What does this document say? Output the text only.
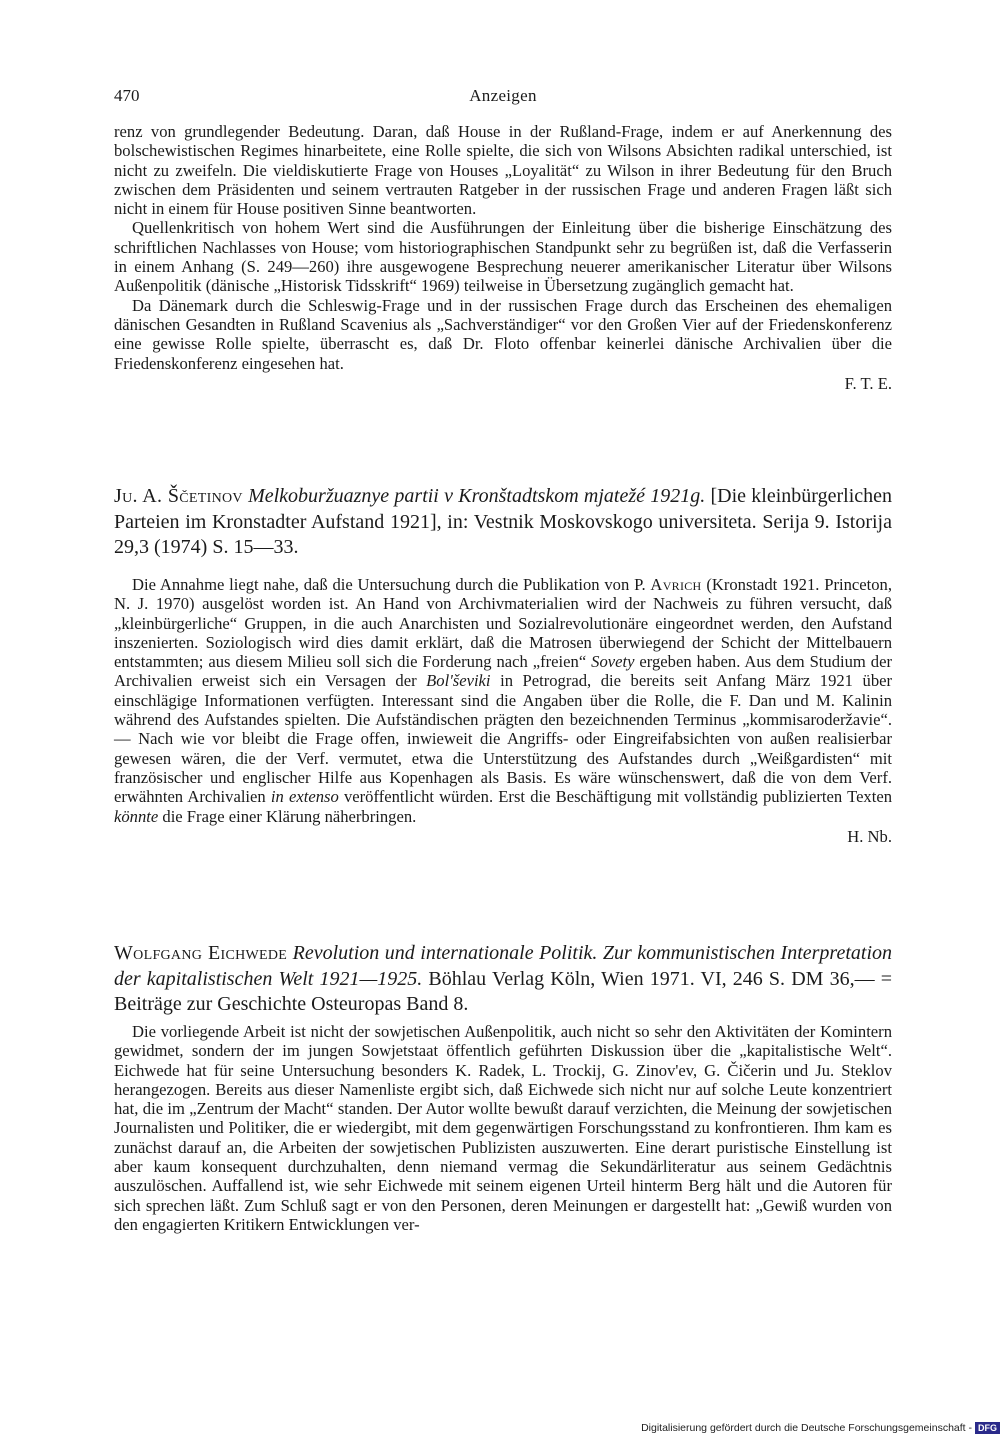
470	Anzeigen

renz von grundlegender Bedeutung. Daran, daß House in der Rußland-Frage, indem er auf Anerkennung des bolschewistischen Regimes hinarbeitete, eine Rolle spielte, die sich von Wilsons Absichten radikal unterschied, ist nicht zu zweifeln. Die vieldiskutierte Frage von Houses „Loyalität“ zu Wilson in ihrer Bedeutung für den Bruch zwischen dem Präsidenten und seinem vertrauten Ratgeber in der russischen Frage und anderen Fragen läßt sich nicht in einem für House positiven Sinne beantworten.

Quellenkritisch von hohem Wert sind die Ausführungen der Einleitung über die bisherige Einschätzung des schriftlichen Nachlasses von House; vom historiographischen Standpunkt sehr zu begrüßen ist, daß die Verfasserin in einem Anhang (S. 249—260) ihre ausgewogene Besprechung neuerer amerikanischer Literatur über Wilsons Außenpolitik (dänische „Historisk Tidsskrift“ 1969) teilweise in Übersetzung zugänglich gemacht hat.

Da Dänemark durch die Schleswig-Frage und in der russischen Frage durch das Erscheinen des ehemaligen dänischen Gesandten in Rußland Scavenius als „Sachverständiger“ vor den Großen Vier auf der Friedenskonferenz eine gewisse Rolle spielte, überrascht es, daß Dr. Floto offenbar keinerlei dänische Archivalien über die Friedenskonferenz eingesehen hat.

F. T. E.
Ju. A. Ščetinov Melkoburžuaznye partii v Kronštadtskom mjatežé 1921g. [Die kleinbürgerlichen Parteien im Kronstadter Aufstand 1921], in: Vestnik Moskovskogo universiteta. Serija 9. Istorija 29,3 (1974) S. 15—33.

Die Annahme liegt nahe, daß die Untersuchung durch die Publikation von P. Avrich (Kronstadt 1921. Princeton, N. J. 1970) ausgelöst worden ist. An Hand von Archivmaterialien wird der Nachweis zu führen versucht, daß „kleinbürgerliche“ Gruppen, in die auch Anarchisten und Sozialrevolutionäre eingeordnet werden, den Aufstand inszenierten. Soziologisch wird dies damit erklärt, daß die Matrosen überwiegend der Schicht der Mittelbauern entstammten; aus diesem Milieu soll sich die Forderung nach „freien“ Sovety ergeben haben. Aus dem Studium der Archivalien erweist sich ein Versagen der Bol'ševiki in Petrograd, die bereits seit Anfang März 1921 über einschlägige Informationen verfügten. Interessant sind die Angaben über die Rolle, die F. Dan und M. Kalinin während des Aufstandes spielten. Die Aufständischen prägten den bezeichnenden Terminus „kommisaroderžavie“. — Nach wie vor bleibt die Frage offen, inwieweit die Angriffs- oder Eingreifabsichten von außen realisierbar gewesen wären, die der Verf. vermutet, etwa die Unterstützung des Aufstandes durch „Weißgardisten“ mit französischer und englischer Hilfe aus Kopenhagen als Basis. Es wäre wünschenswert, daß die von dem Verf. erwähnten Archivalien in extenso veröffentlicht würden. Erst die Beschäftigung mit vollständig publizierten Texten könnte die Frage einer Klärung näherbringen.

H. Nb.
Wolfgang Eichwede Revolution und internationale Politik. Zur kommunistischen Interpretation der kapitalistischen Welt 1921—1925. Böhlau Verlag Köln, Wien 1971. VI, 246 S. DM 36,— = Beiträge zur Geschichte Osteuropas Band 8.

Die vorliegende Arbeit ist nicht der sowjetischen Außenpolitik, auch nicht so sehr den Aktivitäten der Komintern gewidmet, sondern der im jungen Sowjetstaat öffentlich geführten Diskussion über die „kapitalistische Welt“. Eichwede hat für seine Untersuchung besonders K. Radek, L. Trockij, G. Zinov'ev, G. Čičerin und Ju. Steklov herangezogen. Bereits aus dieser Namenliste ergibt sich, daß Eichwede sich nicht nur auf solche Leute konzentriert hat, die im „Zentrum der Macht“ standen. Der Autor wollte bewußt darauf verzichten, die Meinung der sowjetischen Journalisten und Politiker, die er wiedergibt, mit dem gegenwärtigen Forschungsstand zu konfrontieren. Ihm kam es zunächst darauf an, die Arbeiten der sowjetischen Publizisten auszuwerten. Eine derart puristische Einstellung ist aber kaum konsequent durchzuhalten, denn niemand vermag die Sekundärliteratur aus seinem Gedächtnis auszulöschen. Auffallend ist, wie sehr Eichwede mit seinem eigenen Urteil hinterm Berg hält und die Autoren für sich sprechen läßt. Zum Schluß sagt er von den Personen, deren Meinungen er dargestellt hat: „Gewiß wurden von den engagierten Kritikern Entwicklungen ver-

Digitalisierung gefördert durch die Deutsche Forschungsgemeinschaft - DFG
